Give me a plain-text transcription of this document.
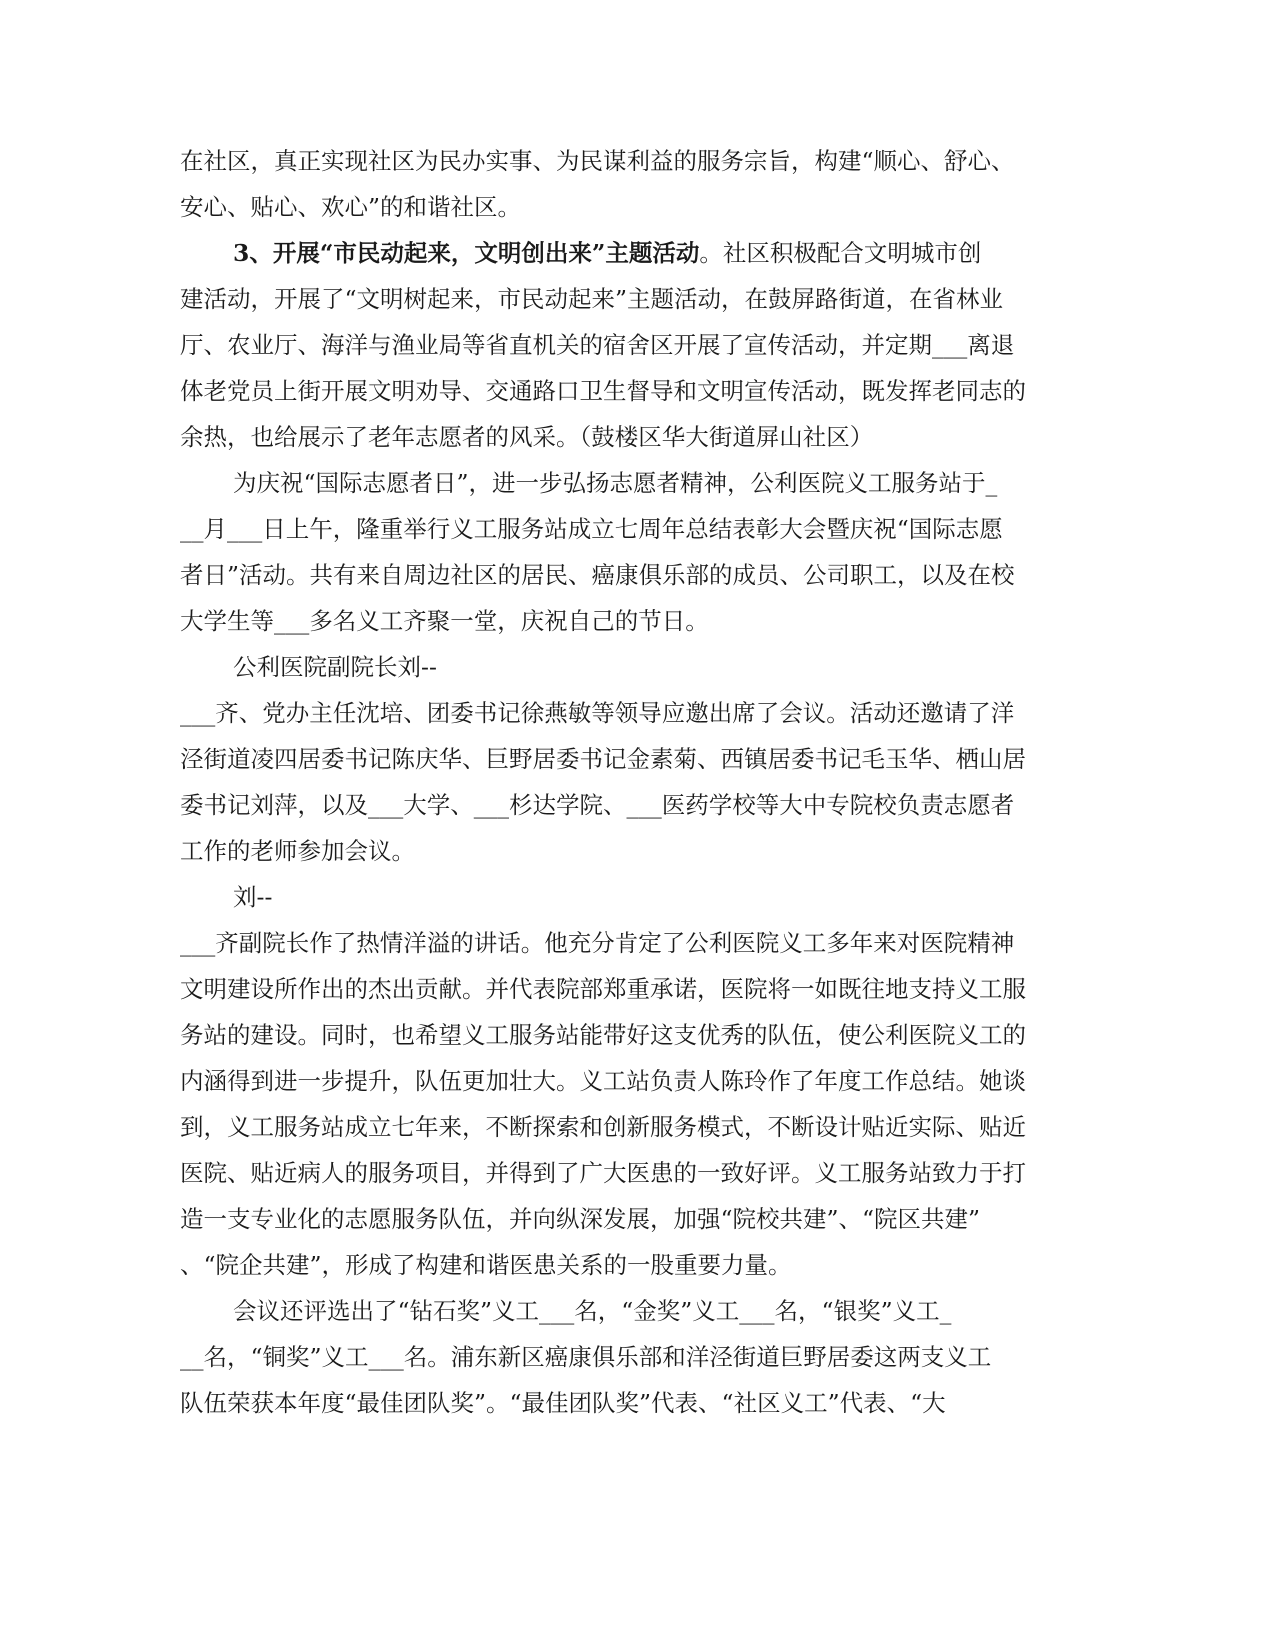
在社区，真正实现社区为民办实事、为民谋利益的服务宗旨，构建“顺心、舒心、
安心、贴心、欢心”的和谐社区。
3、开展“市民动起来，文明创出来”主题活动。社区积极配合文明城市创
建活动，开展了“文明树起来，市民动起来”主题活动，在鼓屏路街道，在省林业
厅、农业厅、海洋与渔业局等省直机关的宿舍区开展了宣传活动，并定期___离退
体老党员上街开展文明劝导、交通路口卫生督导和文明宣传活动，既发挥老同志的
余热，也给展示了老年志愿者的风采。（鼓楼区华大街道屏山社区）
为庆祝“国际志愿者日”，进一步弘扬志愿者精神，公利医院义工服务站于_
__月___日上午，隆重举行义工服务站成立七周年总结表彰大会暨庆祝“国际志愿
者日”活动。共有来自周边社区的居民、癌康俱乐部的成员、公司职工，以及在校
大学生等___多名义工齐聚一堂，庆祝自己的节日。
公利医院副院长刘--
___齐、党办主任沈培、团委书记徐燕敏等领导应邀出席了会议。活动还邀请了洋
泾街道凌四居委书记陈庆华、巨野居委书记金素菊、西镇居委书记毛玉华、栖山居
委书记刘萍，以及___大学、___杉达学院、___医药学校等大中专院校负责志愿者
工作的老师参加会议。
刘--
___齐副院长作了热情洋溢的讲话。他充分肯定了公利医院义工多年来对医院精神
文明建设所作出的杰出贡献。并代表院部郑重承诺，医院将一如既往地支持义工服
务站的建设。同时，也希望义工服务站能带好这支优秀的队伍，使公利医院义工的
内涵得到进一步提升，队伍更加壮大。义工站负责人陈玲作了年度工作总结。她谈
到，义工服务站成立七年来，不断探索和创新服务模式，不断设计贴近实际、贴近
医院、贴近病人的服务项目，并得到了广大医患的一致好评。义工服务站致力于打
造一支专业化的志愿服务队伍，并向纵深发展，加强“院校共建”、“院区共建”
、“院企共建”，形成了构建和谐医患关系的一股重要力量。
会议还评选出了“钻石奖”义工___名，“金奖”义工___名，“银奖”义工_
__名，“铜奖”义工___名。浦东新区癌康俱乐部和洋泾街道巨野居委这两支义工
队伍荣获本年度“最佳团队奖”。“最佳团队奖”代表、“社区义工”代表、“大
